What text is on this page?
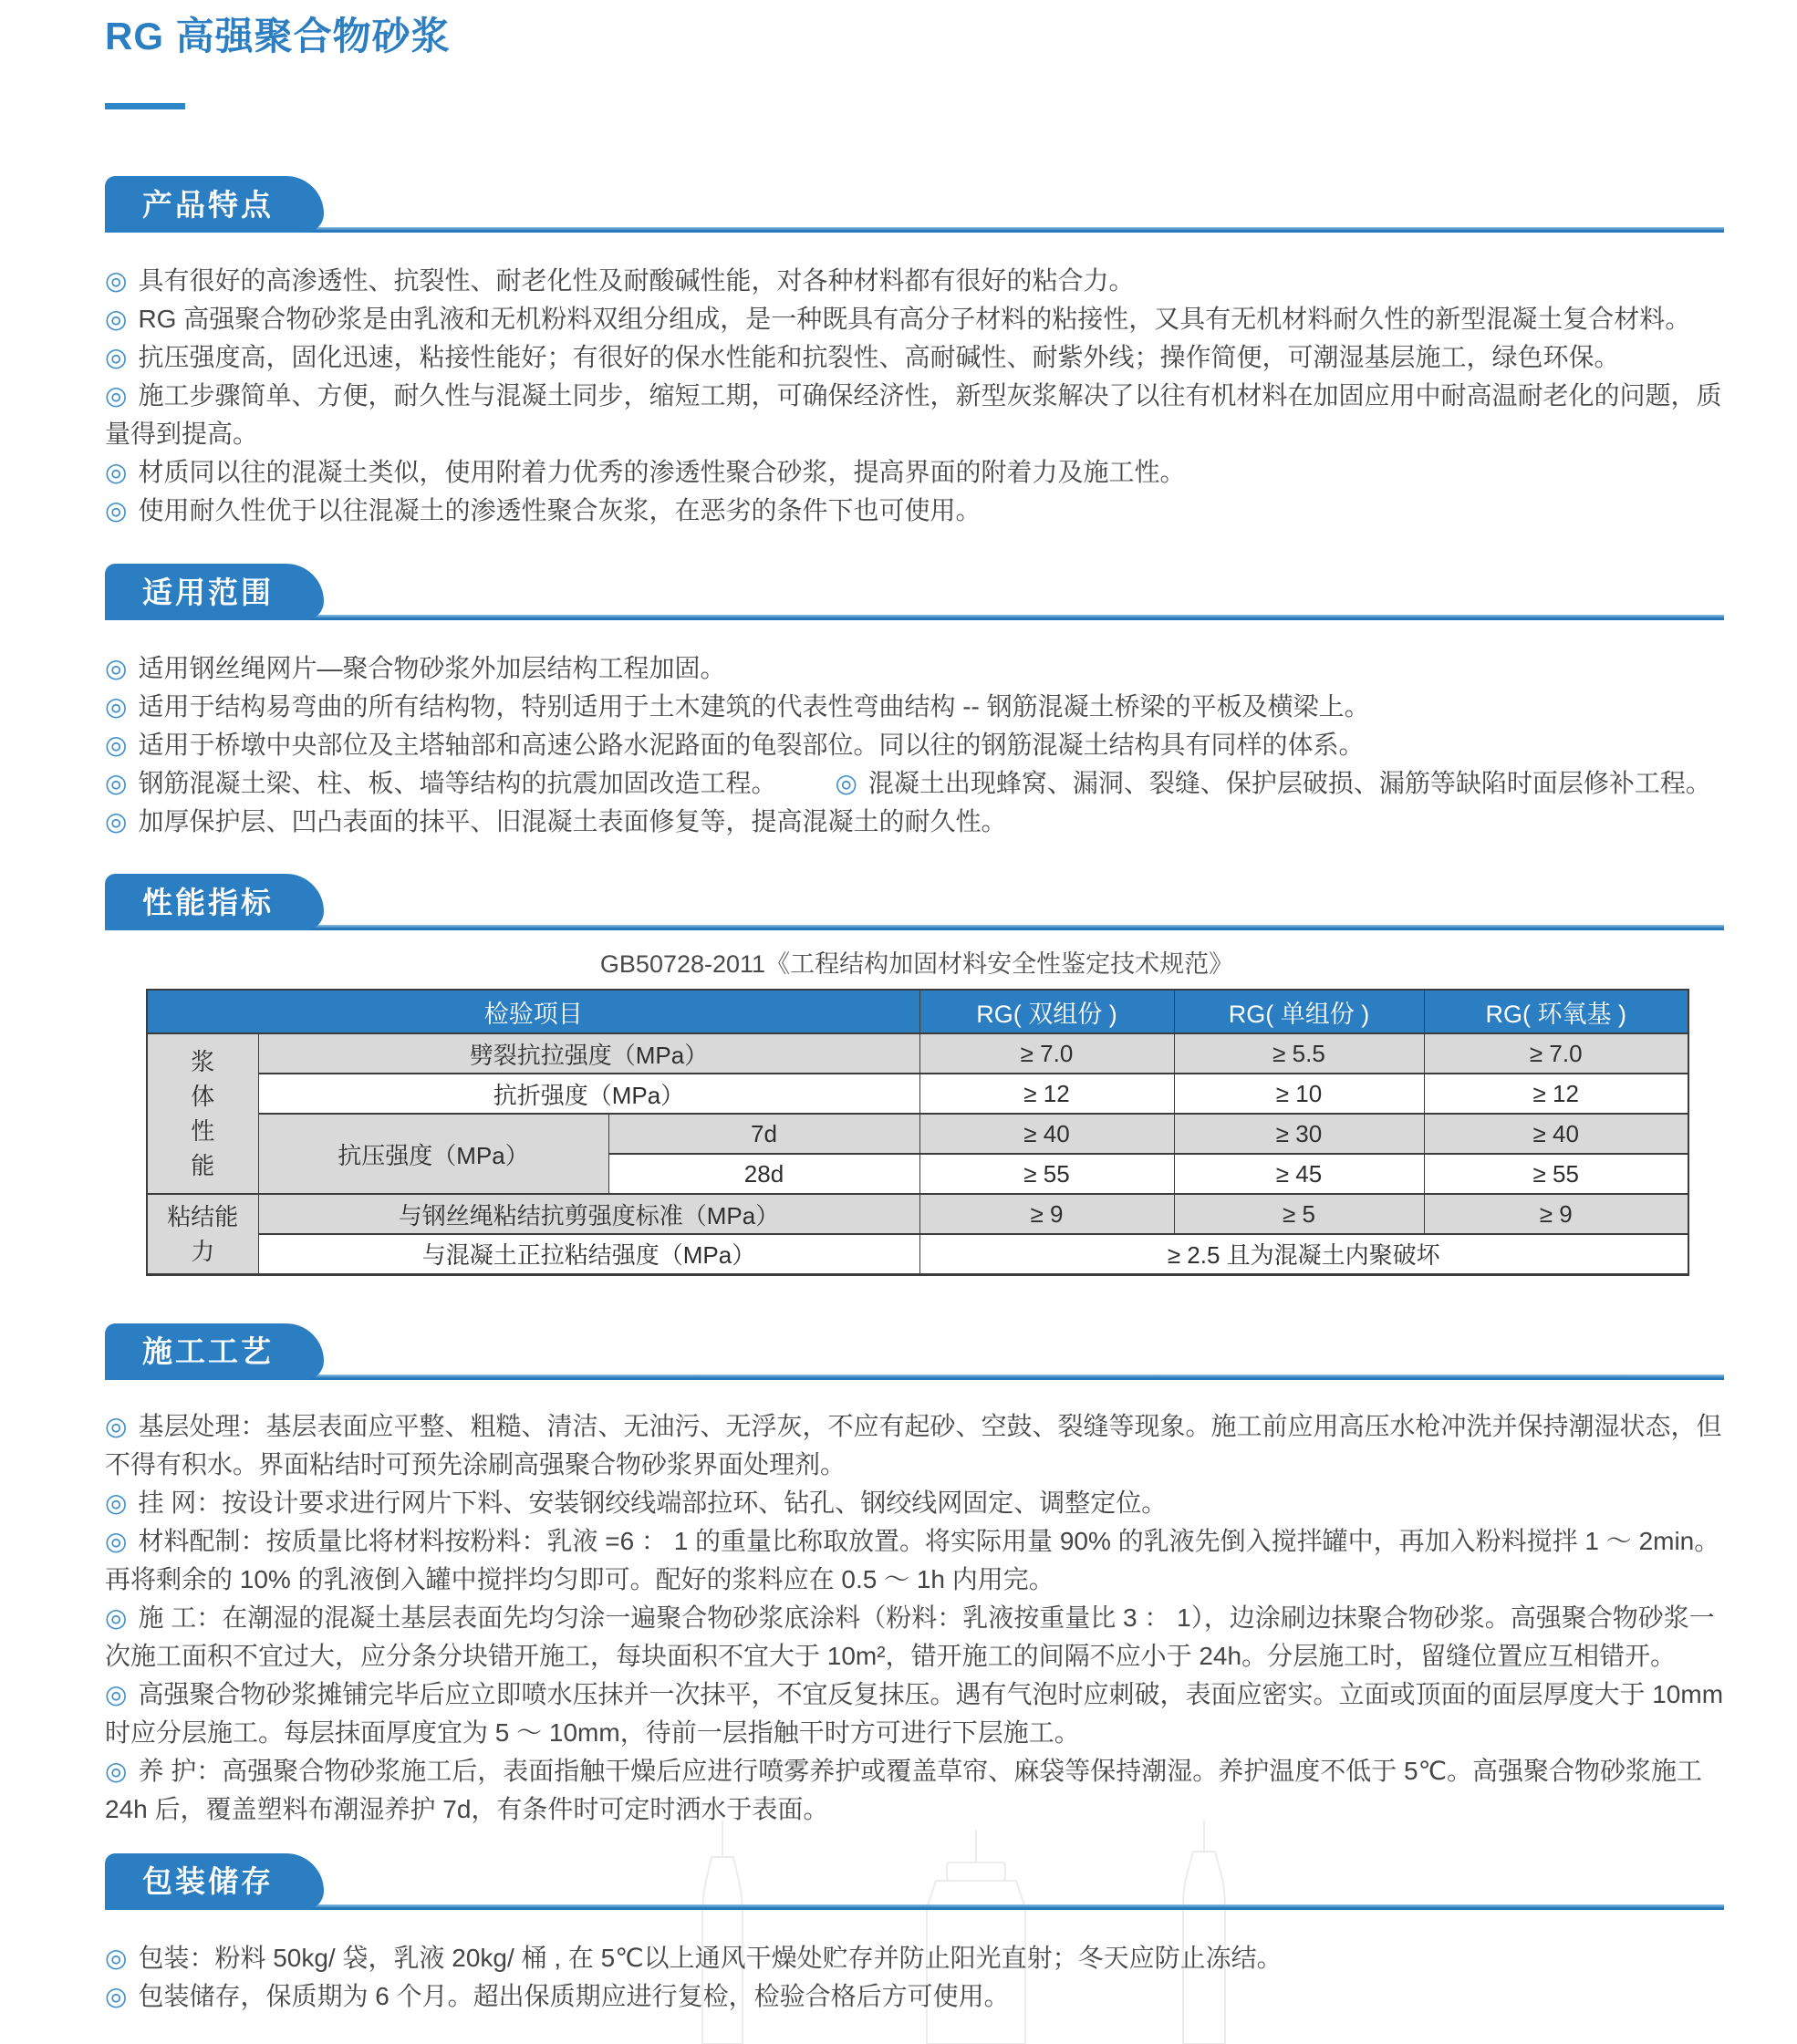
RG 高强聚合物砂浆
产品特点

◎ 具有很好的高渗透性、抗裂性、耐老化性及耐酸碱性能，对各种材料都有很好的粘合力。

◎ RG 高强聚合物砂浆是由乳液和无机粉料双组分组成，是一种既具有高分子材料的粘接性，又具有无机材料耐久性的新型混凝土复合材料。

◎ 抗压强度高，固化迅速，粘接性能好；有很好的保水性能和抗裂性、高耐碱性、耐紫外线；操作简便，可潮湿基层施工，绿色环保。

◎ 施工步骤简单、方便，耐久性与混凝土同步，缩短工期，可确保经济性，新型灰浆解决了以往有机材料在加固应用中耐高温耐老化的问题，质量得到提高。

◎ 材质同以往的混凝土类似，使用附着力优秀的渗透性聚合砂浆，提高界面的附着力及施工性。

◎ 使用耐久性优于以往混凝土的渗透性聚合灰浆，在恶劣的条件下也可使用。

适用范围

◎ 适用钢丝绳网片—聚合物砂浆外加层结构工程加固。

◎ 适用于结构易弯曲的所有结构物，特别适用于土木建筑的代表性弯曲结构 -- 钢筋混凝土桥梁的平板及横梁上。

◎ 适用于桥墩中央部位及主塔轴部和高速公路水泥路面的龟裂部位。同以往的钢筋混凝土结构具有同样的体系。

◎ 钢筋混凝土梁、柱、板、墙等结构的抗震加固改造工程。 ◎ 混凝土出现蜂窝、漏洞、裂缝、保护层破损、漏筋等缺陷时面层修补工程。

◎ 加厚保护层、凹凸表面的抹平、旧混凝土表面修复等，提高混凝土的耐久性。

性能指标
GB50728-2011《工程结构加固材料安全性鉴定技术规范》
检验项目			RG( 双组份 )	RG( 单组份 )	RG( 环氧基 )
浆体性能	劈裂抗拉强度（MPa）		≥ 7.0	≥ 5.5	≥ 7.0
	抗折强度（MPa）		≥ 12	≥ 10	≥ 12
	抗压强度（MPa）	7d	≥ 40	≥ 30	≥ 40
		28d	≥ 55	≥ 45	≥ 55
粘结能力	与钢丝绳粘结抗剪强度标准（MPa）		≥ 9	≥ 5	≥ 9
	与混凝土正拉粘结强度（MPa）		≥ 2.5 且为混凝土内聚破坏		
施工工艺

◎ 基层处理：基层表面应平整、粗糙、清洁、无油污、无浮灰，不应有起砂、空鼓、裂缝等现象。施工前应用高压水枪冲洗并保持潮湿状态，但不得有积水。界面粘结时可预先涂刷高强聚合物砂浆界面处理剂。

◎ 挂 网：按设计要求进行网片下料、安装钢绞线端部拉环、钻孔、钢绞线网固定、调整定位。

◎ 材料配制：按质量比将材料按粉料：乳液 =6 ： 1 的重量比称取放置。将实际用量 90% 的乳液先倒入搅拌罐中，再加入粉料搅拌 1 ～ 2min。再将剩余的 10% 的乳液倒入罐中搅拌均匀即可。配好的浆料应在 0.5 ～ 1h 内用完。

◎ 施 工：在潮湿的混凝土基层表面先均匀涂一遍聚合物砂浆底涂料（粉料：乳液按重量比 3 ： 1），边涂刷边抹聚合物砂浆。高强聚合物砂浆一次施工面积不宜过大，应分条分块错开施工，每块面积不宜大于 10m²，错开施工的间隔不应小于 24h。分层施工时，留缝位置应互相错开。

◎ 高强聚合物砂浆摊铺完毕后应立即喷水压抹并一次抹平，不宜反复抹压。遇有气泡时应刺破，表面应密实。立面或顶面的面层厚度大于 10mm 时应分层施工。每层抹面厚度宜为 5 ～ 10mm，待前一层指触干时方可进行下层施工。

◎ 养 护：高强聚合物砂浆施工后，表面指触干燥后应进行喷雾养护或覆盖草帘、麻袋等保持潮湿。养护温度不低于 5℃。高强聚合物砂浆施工 24h 后，覆盖塑料布潮湿养护 7d，有条件时可定时洒水于表面。

包装储存

◎ 包装：粉料 50kg/ 袋，乳液 20kg/ 桶 , 在 5℃以上通风干燥处贮存并防止阳光直射；冬天应防止冻结。

◎ 包装储存，保质期为 6 个月。超出保质期应进行复检，检验合格后方可使用。
